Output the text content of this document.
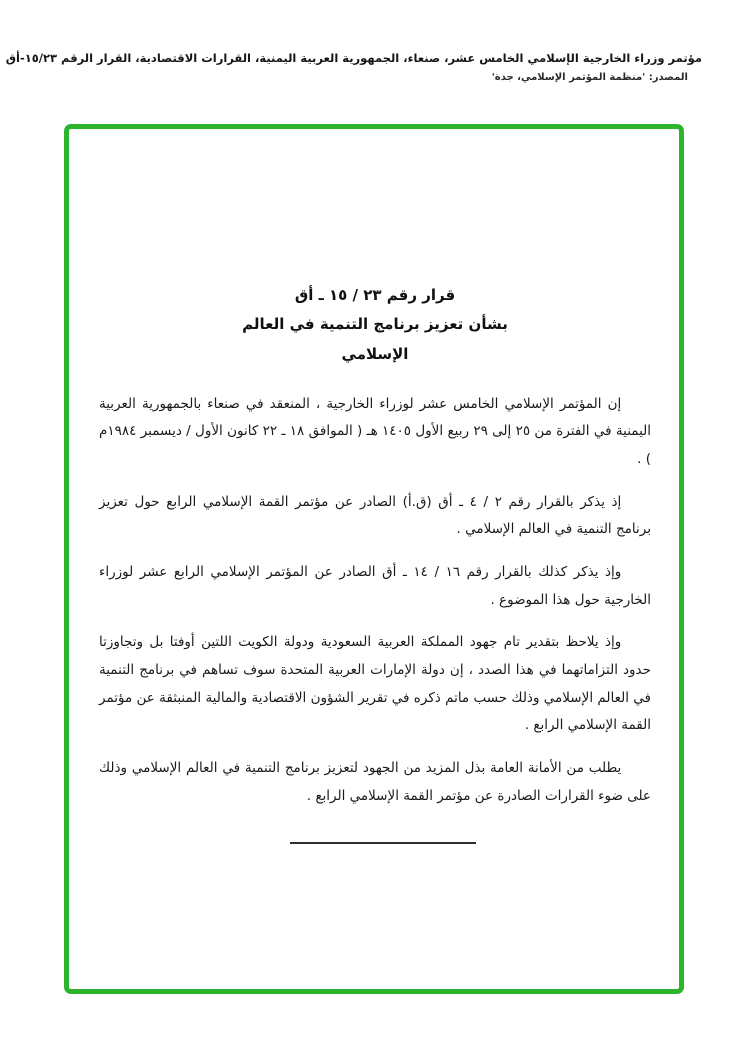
مؤتمر وزراء الخارجية الإسلامي الخامس عشر، صنعاء، الجمهورية العربية اليمنية، القرارات الاقتصادية، القرار الرقم ١٥/٢٣-أق
المصدر: 'منظمة المؤتمر الإسلامي، جدة'
قرار رقم ٢٣ / ١٥ ـ أق
بشأن تعزيز برنامج التنمية في العالم
الإسلامي

إن المؤتمر الإسلامي الخامس عشر لوزراء الخارجية ، المنعقد في صنعاء بالجمهورية العربية اليمنية في الفترة من ٢٥ إلى ٢٩ ربيع الأول ١٤٠٥ هـ ( الموافق ١٨ ـ ٢٢ كانون الأول / ديسمبر ١٩٨٤م ) .

إذ يذكر بالقرار رقم ٢ / ٤ ـ أق (ق.أ) الصادر عن مؤتمر القمة الإسلامي الرابع حول تعزيز برنامج التنمية في العالم الإسلامي .

وإذ يذكر كذلك بالقرار رقم ١٦ / ١٤ ـ أق الصادر عن المؤتمر الإسلامي الرابع عشر لوزراء الخارجية حول هذا الموضوع .

وإذ يلاحظ بتقدير تام جهود المملكة العربية السعودية ودولة الكويت اللتين أوفتا بل وتجاوزتا حدود التزاماتهما في هذا الصدد ، إن دولة الإمارات العربية المتحدة سوف تساهم في برنامج التنمية في العالم الإسلامي وذلك حسب ماتم ذكره في تقرير الشؤون الاقتصادية والمالية المنبثقة عن مؤتمر القمة الإسلامي الرابع .

يطلب من الأمانة العامة بذل المزيد من الجهود لتعزيز برنامج التنمية في العالم الإسلامي وذلك على ضوء القرارات الصادرة عن مؤتمر القمة الإسلامي الرابع .
